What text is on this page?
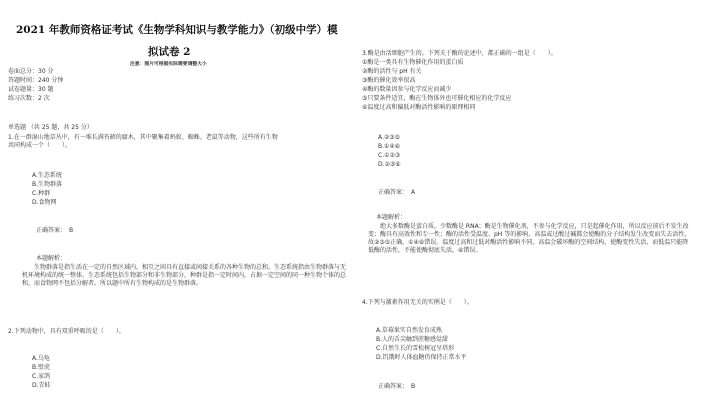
2021 年教师资格证考试《生物学科知识与教学能力》（初级中学）模
拟试卷 2
注意：图片可根据实际需要调整大小
卷面总分：30 分
答题时间：240 分钟
试卷题量：30 题
练习次数：2 次
单选题 （共 25 题，共 25 分）
1.在一群湿山地草丛中，有一堆长满苔藓的腐木，其中聚集着蚂蚁、蜘蛛、老鼠等动物，这些所有生物
共同构成一个（　　）。
A.生态系统
B.生物群落
C.种群
D.食物网
正确答案：　B
本题解析：
生物群落是指生活在一定的自然区域内，相互之间具有直接或间接关系的各种生物的总和。生态系统指由生物群落与无机环境构成的统一整体。生态系统包括生物部分和非生物部分，种群是指一定时间内，占据一定空间的同一种生物个体的总和，而食物网不包括分解者。所以题中所有生物构成的是生物群落。
2.下列动物中，具有双重呼吸的是（　　）。
A.乌龟
B.壁虎
C.家鸽
D.青蛙
3.酶是由活细胞产生的。下列关于酶的论述中，都正确的一组是（　　）。
①酶是一类具有生物催化作用的蛋白质
②酶的活性与 pH 有关
③酶的催化效率很高
④酶的数量因参与化学反应而减少
⑤只要条件适宜，酶在生物体外也可催化相应的化学反应
⑥温度过高和偏低对酶活性影响的原理相同
A.②③⑤
B.①④⑥
C.①②③
D.②③⑥
正确答案：　A
本题解析：
绝大多数酶是蛋白质，少数酶是 RNA；酶是生物催化剂，不参与化学反应，只是起催化作用，所以反应前后不发生改变；酶具有高效性和专一性；酶的活性受温度、pH 等的影响，高温或过酸过碱都会使酶的分子结构发生改变而失去活性，故②③⑤正确，①④⑥错误。温度过高和过低对酶活性影响不同，高温会破坏酶的空间结构，使酶变性失活，而低温只能降低酶的活性，不能使酶彻底失活，⑥错误。
4.下列与激素作用无关的实例是（　　）。
A.草莓果实自然发育成熟
B.人的舌尖触到蔗糖感觉甜
C.自然生长的雪松树冠呈塔形
D.饥饿时人体血糖仍保持正常水平
正确答案：　B
